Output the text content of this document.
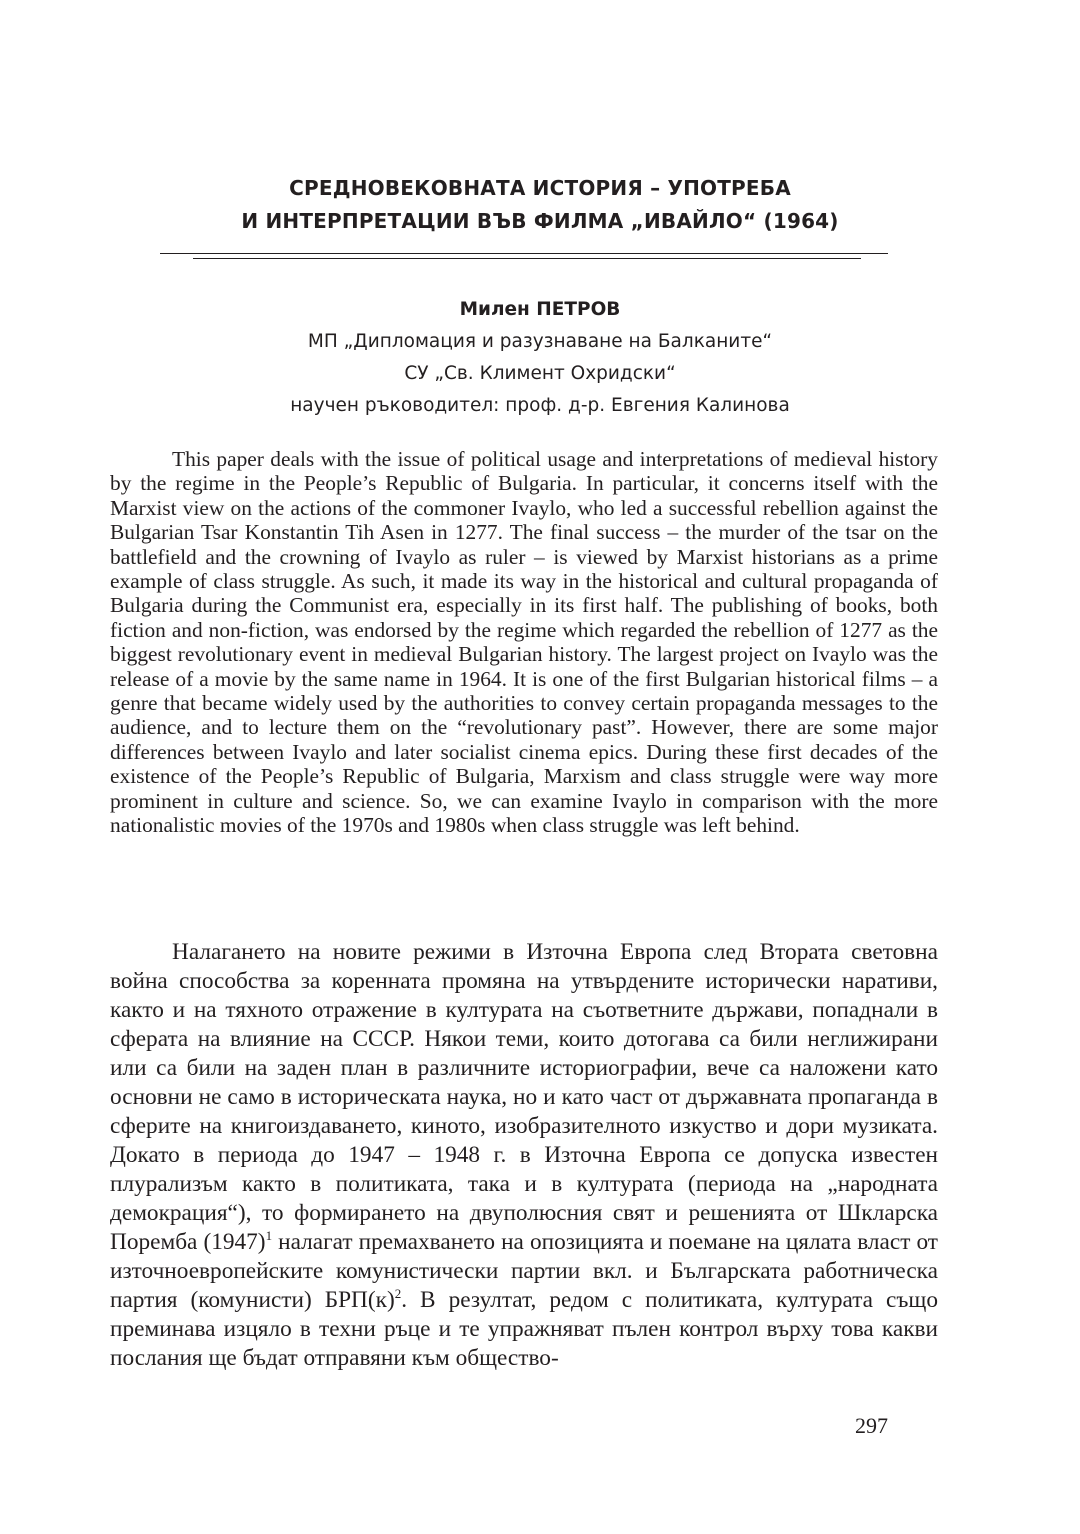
СРЕДНОВЕКОВНАТА ИСТОРИЯ – УПОТРЕБА
И ИНТЕРПРЕТАЦИИ ВЪВ ФИЛМА „ИВАЙЛО“ (1964)
Милен ПЕТРОВ
МП „Дипломация и разузнаване на Балканите“
СУ „Св. Климент Охридски“
научен ръководител: проф. д-р. Евгения Калинова

This paper deals with the issue of political usage and interpretations of medieval history by the regime in the People’s Republic of Bulgaria. In particular, it concerns itself with the Marxist view on the actions of the commoner Ivaylo, who led a successful rebellion against the Bulgarian Tsar Konstantin Tih Asen in 1277. The final success – the murder of the tsar on the battlefield and the crowning of Ivaylo as ruler – is viewed by Marxist historians as a prime example of class struggle. As such, it made its way in the historical and cultural propaganda of Bulgaria during the Communist era, especially in its first half. The publishing of books, both fiction and non-fiction, was endorsed by the regime which regarded the rebellion of 1277 as the biggest revolutionary event in medieval Bulgarian history. The largest project on Ivaylo was the release of a movie by the same name in 1964. It is one of the first Bulgarian historical films – a genre that became widely used by the authorities to convey certain propaganda messages to the audience, and to lecture them on the “revolutionary past”. However, there are some major differences between Ivaylo and later socialist cinema epics. During these first decades of the existence of the People’s Republic of Bulgaria, Marxism and class struggle were way more prominent in culture and science. So, we can examine Ivaylo in comparison with the more nationalistic movies of the 1970s and 1980s when class struggle was left behind.

Налагането на новите режими в Източна Европа след Втората световна война способства за коренната промяна на утвърдените исторически наративи, както и на тяхното отражение в културата на съответните държави, попаднали в сферата на влияние на СССР. Някои теми, които дотогава са били неглижирани или са били на заден план в различните историографии, вече са наложени като основни не само в историческата наука, но и като част от държавната пропаганда в сферите на книгоиздаването, киното, изобразителното изкуство и дори музиката. Докато в периода до 1947 – 1948 г. в Източна Европа се допуска известен плурализъм както в политиката, така и в културата (периода на „народната демокрация“), то формирането на двуполюсния свят и решенията от Шкларска Поремба $(1947)^1$ налагат премахването на опозицията и поемане на цялата власт от източноевропейските комунистически партии вкл. и Българската работническа партия (комунисти) $БРП(к)^2$. В резултат, редом с политиката, културата също преминава изцяло в техни ръце и те упражняват пълен контрол върху това какви послания ще бъдат отправяни към общество-

297
